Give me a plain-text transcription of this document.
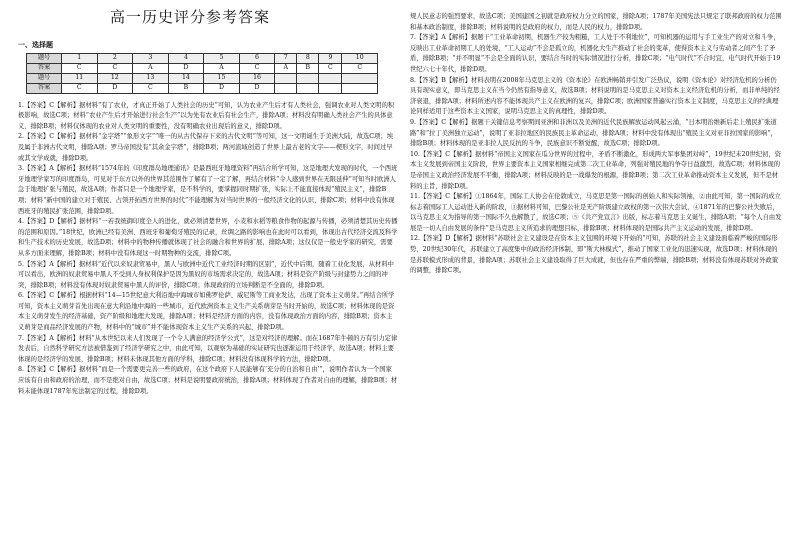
高一历史评分参考答案
一、选择题
题号	1	2	3	4	5	6	7	8	9	10
答案	C	C	A	D	A	C	A	B	C	C
题号	11	12	13	14	15	16				
答案	C	D	C	B	D	D				
1.【答案】C【解析】据材料“有了农业，才真正开始了人类社会的历史”可知，认为农业产生后才有人类社会，强调农业对人类文明的积极影响，故选C项；材料“农业产生后才开始进行社会生产”以为先有农业后有社会生产，排除A项；材料没有明确人类社会产生的具体意义，排除B项；材料仅体现的农业对人类文明的重要性，没有明确农业出现后的意义，排除D项。
2.【答案】C【解析】据材料“金字塔”“象形文字”“唯一的从古代保存下来的古代文明”等可知，这一文明诞生于美洲大陆，故选C项；埃及属于非洲古代文明，排除A项；罗马帝国没有“其余金字塔”，排除B项；两河流域创造了世界上最古老的文字——楔形文字，时间过早或其文学成就，排除D项。
3.【答案】A【解析】据材料“1574年的《印度群岛地理通讯》是最西班牙地理资料”再结合所学可知，这是地理大发现的时代，一个西班牙地理学家写的印度群岛，可见对于东方以外的世界其范围作了解有了一定了解，再结合材料“令人感到世界在无限延伸”可知当时欧洲人急于地理扩张与殖民，故选A项；作者只是一个地理学家，是不科学的，要掌握同时期扩张，实际上不能直接体现“殖民主义”，排除B项；材料“新中国的建立对于殖民、占领开拓西方世界的时代”不能理解为对当时世界的一般经济文化的认识，排除C项；材料中没有体现西班牙的殖民扩张范围，排除D项。
4.【答案】D【解析】据材料“一若我统御印度全人的进化，就必须清楚世界，小麦和水稻等粮食作物的起源与传播，必须清楚其历史传播的范围和原因。”18世纪，欧洲已经有美洲、西班牙和葡萄牙殖民的记录，丝绸之路的影响也在此时可以看到，体现出古代经济交流及科学和生产技术的历史发展，故选D项；材料中的物种传播就体现了社会的融合和世界的扩展，排除A项；这仅仅是一般史学家的研究，需要从多方面来理解，排除B项；材料中没有体现这一时期物种的交流，排除C项。
5.【答案】A【解析】据材料“近代以来奴隶贸易中，黑人与欧洲中近代工业经济时期的区别”，近代中后期，随着工业化发展，从材料中可以看出，欧洲的奴隶贸易中黑人不受到人身权利保护是因为黑奴的市场需求决定的，故选A项；材料是资产阶级与封建势力之间的冲突，排除B项；材料没有体现对奴隶贸易中黑人的评价，排除C项；体现政府的立场判断是不全面的，排除D项。
6.【答案】C【解析】根据材料“14—15世纪意大利沿地中海城市如佛罗伦萨、威尼斯等工商业发达，出现了资本主义萌芽。”再结合所学可知，资本主义萌芽首先出现在意大利沿地中海的一些城市，近代欧洲资本主义生产关系萌芽是当时开始的，故选C项；材料体现的是资本主义萌芽发生的经济基础，资产阶级和地理大发现，排除A项；材料是经济方面的内容，没有体现政治方面的内容，排除B项；资本主义萌芽是商品经济发展的产物，材料中的“城市”并不能体现资本主义生产关系的兴起，排除D项。
7.【答案】A【解析】材料“从本世纪以来人们发现了一个令人满意的经济学公式”，这是对经济的理解。而在1687年牛顿的万有引力定律发表后，自然科学研究方法被借鉴到了经济学研究之中，由此可知，以观察为基础的实证研究也逐渐运用于经济学，故选A项；材料主要体现的是经济学的发展，排除B项；材料未体现其他方面的学科，排除C项；材料没有体现科学的方法，排除D项。
8.【答案】C【解析】据材料“而是一个需要更完善一些的政府，在这个政府下人民能够有‘充分的自治和自由’”，说明作者认为一个国家应该有自由和政府的治理，而不是绝对自由，故选C项；材料是说明要政府统治，排除A项；材料体现了作者对自由的理解，排除B项；材料未能体现1787年宪法制定的过程，排除D项。
规人民意志的强烈要求，故选C项；美国建国之初就是政府权力分立的国家，排除A项；1787年美国宪法只规定了联邦政府的权力范围和基本政治制度，排除B项；材料说明的是政府的权力，而是人民的权力，排除D项。
7.【答案】A【解析】据题干“工业革命初期，机器生产较为粗糙，工人处于不利地位”，可知机器的运用与手工业生产的对立和斗争，反映出工业革命初期工人的处境，“工人运动”不会是孤立的，机器化大生产推动了社会的变革，使得资本主义与劳动者之间产生了矛盾，排除B项；“并不明显”不会是全面的认识，要结合当时的实际情况进行分析，排除C项；“电气时代”不合时宜，电气时代开始于19世纪六七十年代，排除D项。
8.【答案】B【解析】材料表明在2008年马克思主义的《资本论》在欧洲畅销并引发广泛热议，说明《资本论》对经济危机的分析仍具有现实意义，即马克思主义在当今仍然有指导意义，故选B项；材料说明的是马克思主义对资本主义经济危机的分析，而非单纯的经济衰退，排除A项；材料所述内容不能体现共产主义在欧洲的复兴，排除C项；欧洲国家普遍实行资本主义制度，马克思主义的经典理论同样适用于这些资本主义国家，说明马克思主义的真理性，排除D项。
9.【答案】C【解析】据题干关键信息考察期间亚洲和非洲以及美洲的近代民族解放运动风起云涌，“日本明治维新后走上殖民扩张道路”和“拉丁美洲独立运动”，说明了亚非拉地区的民族民主革命运动，排除A项；材料中没有体现出“殖民主义对亚非拉国家的影响”，排除B项；材料体现的是亚非拉人民反抗的斗争，民族意识不断觉醒，故选C项；排除D项。
10.【答案】C【解析】据材料“帝国主义国家在瓜分世界的过程中，矛盾不断激化，形成两大军事集团对峙”，19世纪末20世纪初，资本主义发展到帝国主义阶段，世界主要资本主义国家相继完成第二次工业革命，列强对殖民地的争夺日益激烈，故选C项；材料体现的是帝国主义政治经济发展不平衡，排除A项；材料反映的是一战爆发的根源，排除B项；第二次工业革命推动资本主义发展，但不是材料的主旨，排除D项。
11.【答案】C【解析】①1864年，国际工人协会在伦敦成立，马克思是第一国际的创始人和实际领袖，②由此可知，第一国际的成立标志着国际工人运动进入新的阶段，③据材料可知，巴黎公社是无产阶级建立政权的第一次伟大尝试，④1871年的巴黎公社失败后，以马克思主义为指导的第一国际不久也解散了，故选C项；⑤《共产党宣言》出版，标志着马克思主义诞生，排除A项；“每个人自由发展是一切人自由发展的条件”是马克思主义所追求的理想目标，排除B项；材料体现的是国际共产主义运动的发展，排除D项。
12.【答案】D【解析】据材料“苏联社会主义建设是在资本主义包围的环境下开始的”可知，苏联的社会主义建设面临着严峻的国际形势，20世纪30年代，苏联建立了高度集中的政治经济体制，即“斯大林模式”，推动了国家工业化的迅速实现，故选D项；材料体现的是苏联模式形成的背景，排除A项；苏联社会主义建设取得了巨大成就，但也存在严重的弊端，排除B项；材料没有体现苏联对外政策的调整，排除C项。
